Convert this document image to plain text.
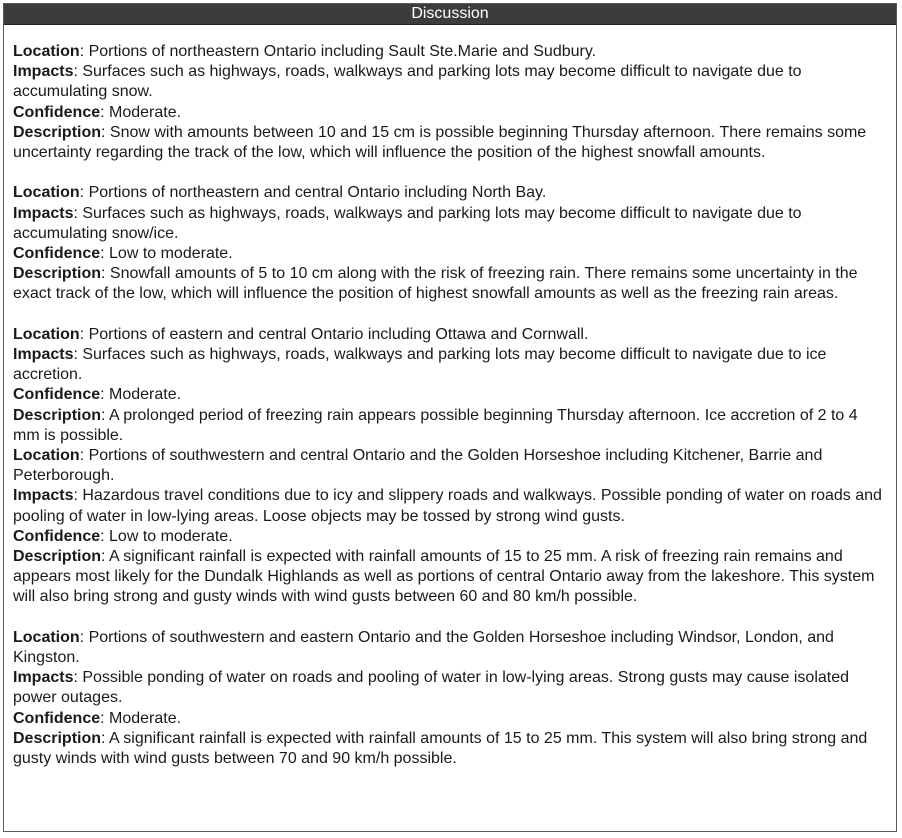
Discussion
Location: Portions of northeastern Ontario including Sault Ste.Marie and Sudbury.
Impacts: Surfaces such as highways, roads, walkways and parking lots may become difficult to navigate due to accumulating snow.
Confidence: Moderate.
Description: Snow with amounts between 10 and 15 cm is possible beginning Thursday afternoon. There remains some uncertainty regarding the track of the low, which will influence the position of the highest snowfall amounts.
Location: Portions of northeastern and central Ontario including North Bay.
Impacts: Surfaces such as highways, roads, walkways and parking lots may become difficult to navigate due to accumulating snow/ice.
Confidence: Low to moderate.
Description: Snowfall amounts of 5 to 10 cm along with the risk of freezing rain. There remains some uncertainty in the exact track of the low, which will influence the position of highest snowfall amounts as well as the freezing rain areas.
Location: Portions of eastern and central Ontario including Ottawa and Cornwall.
Impacts: Surfaces such as highways, roads, walkways and parking lots may become difficult to navigate due to ice accretion.
Confidence: Moderate.
Description: A prolonged period of freezing rain appears possible beginning Thursday afternoon. Ice accretion of 2 to 4 mm is possible.
Location: Portions of southwestern and central Ontario and the Golden Horseshoe including Kitchener, Barrie and Peterborough.
Impacts: Hazardous travel conditions due to icy and slippery roads and walkways. Possible ponding of water on roads and pooling of water in low-lying areas. Loose objects may be tossed by strong wind gusts.
Confidence: Low to moderate.
Description: A significant rainfall is expected with rainfall amounts of 15 to 25 mm. A risk of freezing rain remains and appears most likely for the Dundalk Highlands as well as portions of central Ontario away from the lakeshore. This system will also bring strong and gusty winds with wind gusts between 60 and 80 km/h possible.
Location: Portions of southwestern and eastern Ontario and the Golden Horseshoe including Windsor, London, and Kingston.
Impacts: Possible ponding of water on roads and pooling of water in low-lying areas. Strong gusts may cause isolated power outages.
Confidence: Moderate.
Description: A significant rainfall is expected with rainfall amounts of 15 to 25 mm. This system will also bring strong and gusty winds with wind gusts between 70 and 90 km/h possible.
